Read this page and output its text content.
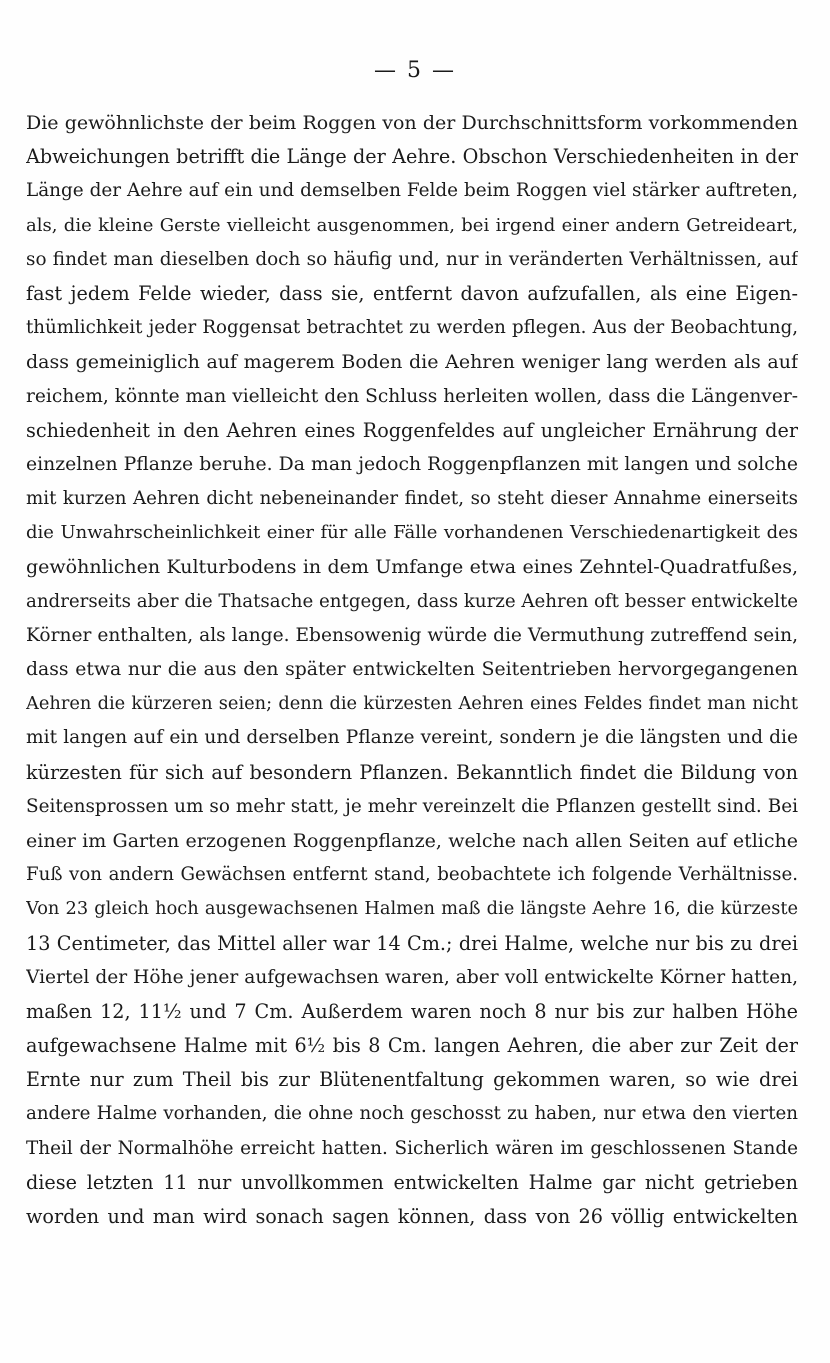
— 5 —
Die gewöhnlichste der beim Roggen von der Durchschnittsform vorkommenden
Abweichungen betrifft die Länge der Aehre. Obschon Verschiedenheiten in der
Länge der Aehre auf ein und demselben Felde beim Roggen viel stärker auftreten,
als, die kleine Gerste vielleicht ausgenommen, bei irgend einer andern Getreideart,
so findet man dieselben doch so häufig und, nur in veränderten Verhältnissen, auf
fast jedem Felde wieder, dass sie, entfernt davon aufzufallen, als eine Eigen-
thümlichkeit jeder Roggensat betrachtet zu werden pflegen. Aus der Beobachtung,
dass gemeiniglich auf magerem Boden die Aehren weniger lang werden als auf
reichem, könnte man vielleicht den Schluss herleiten wollen, dass die Längenver-
schiedenheit in den Aehren eines Roggenfeldes auf ungleicher Ernährung der
einzelnen Pflanze beruhe. Da man jedoch Roggenpflanzen mit langen und solche
mit kurzen Aehren dicht nebeneinander findet, so steht dieser Annahme einerseits
die Unwahrscheinlichkeit einer für alle Fälle vorhandenen Verschiedenartigkeit des
gewöhnlichen Kulturbodens in dem Umfange etwa eines Zehntel-Quadratfußes,
andrerseits aber die Thatsache entgegen, dass kurze Aehren oft besser entwickelte
Körner enthalten, als lange. Ebensowenig würde die Vermuthung zutreffend sein,
dass etwa nur die aus den später entwickelten Seitentrieben hervorgegangenen
Aehren die kürzeren seien; denn die kürzesten Aehren eines Feldes findet man nicht
mit langen auf ein und derselben Pflanze vereint, sondern je die längsten und die
kürzesten für sich auf besondern Pflanzen. Bekanntlich findet die Bildung von
Seitensprossen um so mehr statt, je mehr vereinzelt die Pflanzen gestellt sind. Bei
einer im Garten erzogenen Roggenpflanze, welche nach allen Seiten auf etliche
Fuß von andern Gewächsen entfernt stand, beobachtete ich folgende Verhältnisse.
Von 23 gleich hoch ausgewachsenen Halmen maß die längste Aehre 16, die kürzeste
13 Centimeter, das Mittel aller war 14 Cm.; drei Halme, welche nur bis zu drei
Viertel der Höhe jener aufgewachsen waren, aber voll entwickelte Körner hatten,
maßen 12, 11½ und 7 Cm. Außerdem waren noch 8 nur bis zur halben Höhe
aufgewachsene Halme mit 6½ bis 8 Cm. langen Aehren, die aber zur Zeit der
Ernte nur zum Theil bis zur Blütenentfaltung gekommen waren, so wie drei
andere Halme vorhanden, die ohne noch geschosst zu haben, nur etwa den vierten
Theil der Normalhöhe erreicht hatten. Sicherlich wären im geschlossenen Stande
diese letzten 11 nur unvollkommen entwickelten Halme gar nicht getrieben
worden und man wird sonach sagen können, dass von 26 völlig entwickelten
